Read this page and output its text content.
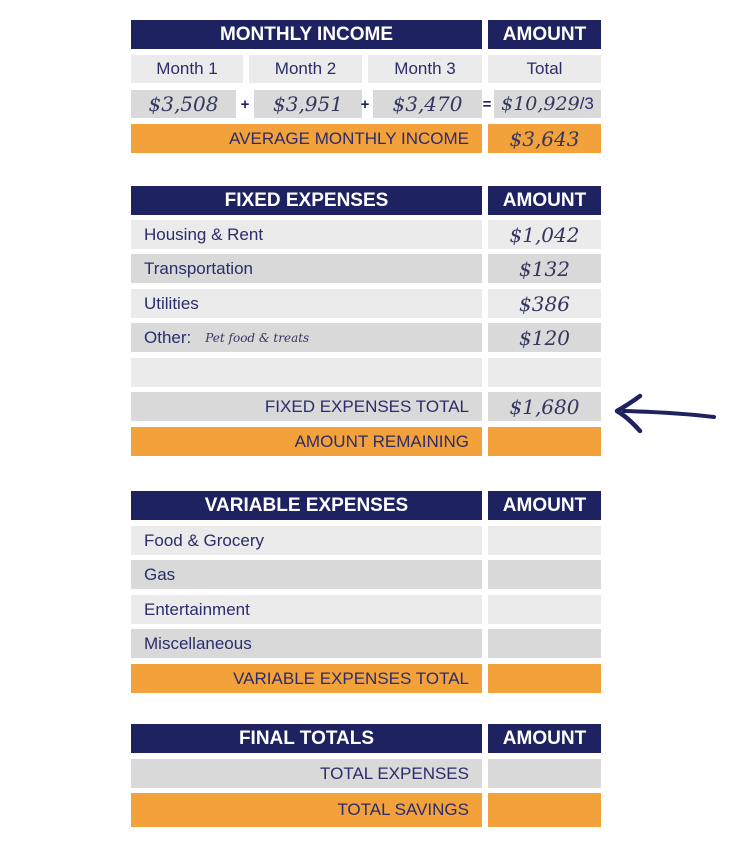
MONTHLY INCOME	AMOUNT
Month 1	Month 2	Month 3	Total
$3,508	+ $3,951 + $3,470 = $10,929 /3
AVERAGE MONTHLY INCOME	$3,643
FIXED EXPENSES	AMOUNT
Housing & Rent	$1,042
Transportation	$132
Utilities	$386
Other: Pet food & treats	$120
FIXED EXPENSES TOTAL	$1,680
AMOUNT REMAINING
VARIABLE EXPENSES	AMOUNT
Food & Grocery
Gas
Entertainment
Miscellaneous
VARIABLE EXPENSES TOTAL
FINAL TOTALS	AMOUNT
TOTAL EXPENSES
TOTAL SAVINGS
